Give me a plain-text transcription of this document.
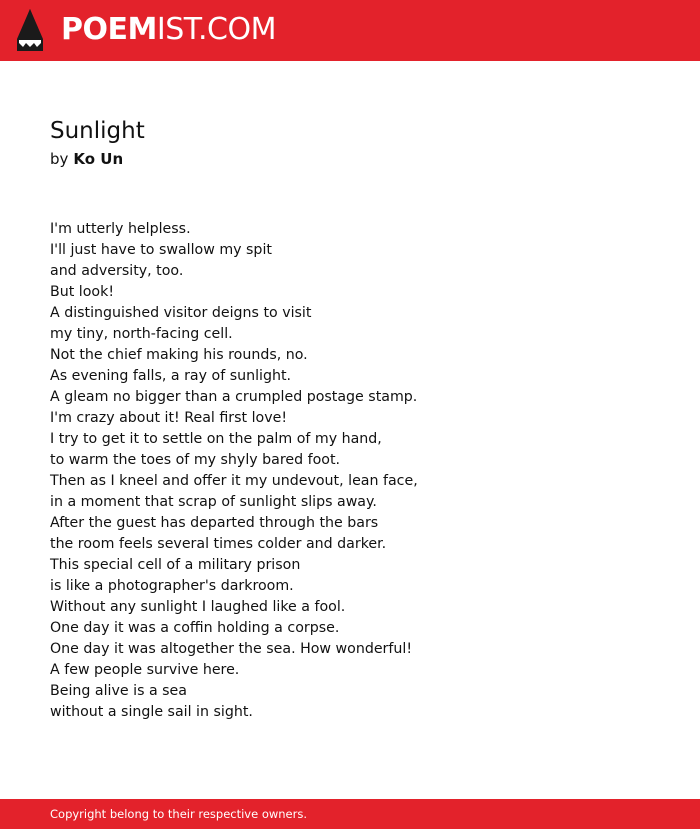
POEMIST.COM
Sunlight
by Ko Un
I'm utterly helpless.
I'll just have to swallow my spit
and adversity, too.
But look!
A distinguished visitor deigns to visit
my tiny, north-facing cell.
Not the chief making his rounds, no.
As evening falls, a ray of sunlight.
A gleam no bigger than a crumpled postage stamp.
I'm crazy about it! Real first love!
I try to get it to settle on the palm of my hand,
to warm the toes of my shyly bared foot.
Then as I kneel and offer it my undevout, lean face,
in a moment that scrap of sunlight slips away.
After the guest has departed through the bars
the room feels several times colder and darker.
This special cell of a military prison
is like a photographer's darkroom.
Without any sunlight I laughed like a fool.
One day it was a coffin holding a corpse.
One day it was altogether the sea. How wonderful!
A few people survive here.
Being alive is a sea
without a single sail in sight.
Copyright belong to their respective owners.
